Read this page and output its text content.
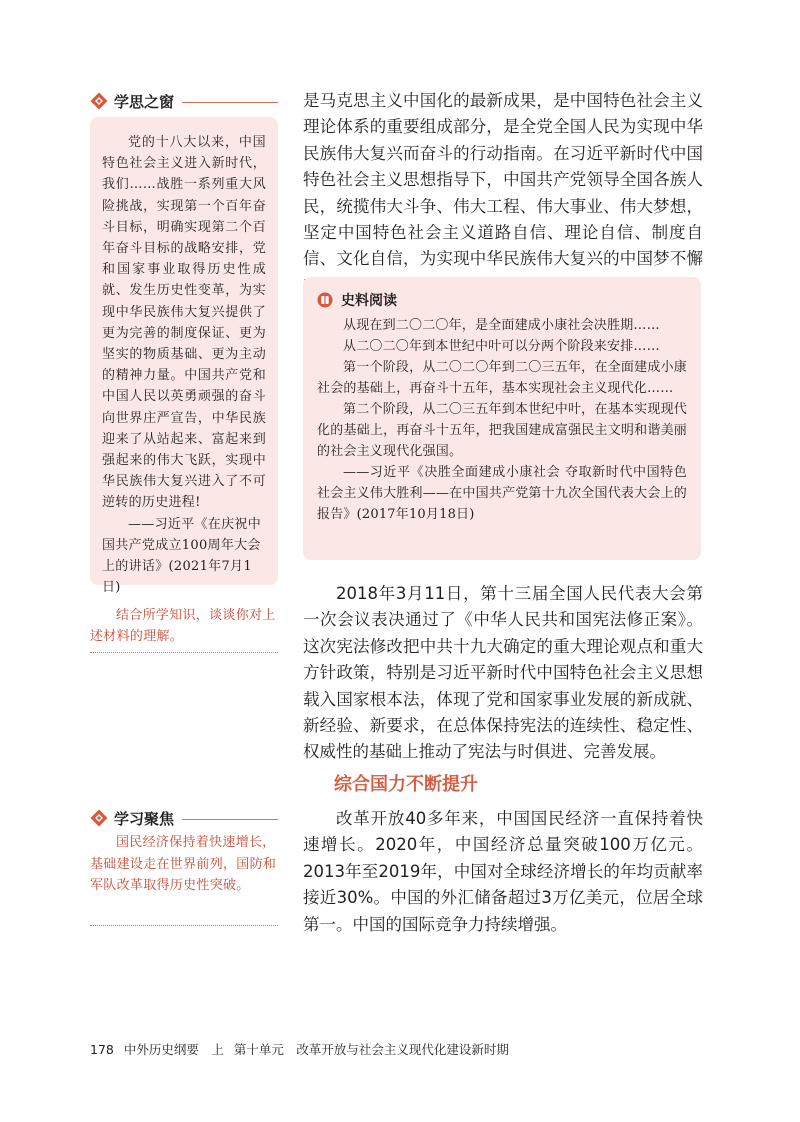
学思之窗

党的十八大以来，中国特色社会主义进入新时代，我们……战胜一系列重大风险挑战，实现第一个百年奋斗目标，明确实现第二个百年奋斗目标的战略安排，党和国家事业取得历史性成就、发生历史性变革，为实现中华民族伟大复兴提供了更为完善的制度保证、更为坚实的物质基础、更为主动的精神力量。中国共产党和中国人民以英勇顽强的奋斗向世界庄严宣告，中华民族迎来了从站起来、富起来到强起来的伟大飞跃，实现中华民族伟大复兴进入了不可逆转的历史进程!

——习近平《在庆祝中国共产党成立100周年大会上的讲话》(2021年7月1日)

结合所学知识，谈谈你对上述材料的理解。

学习聚焦

国民经济保持着快速增长，基础建设走在世界前列，国防和军队改革取得历史性突破。

是马克思主义中国化的最新成果，是中国特色社会主义理论体系的重要组成部分，是全党全国人民为实现中华民族伟大复兴而奋斗的行动指南。在习近平新时代中国特色社会主义思想指导下，中国共产党领导全国各族人民，统揽伟大斗争、伟大工程、伟大事业、伟大梦想，坚定中国特色社会主义道路自信、理论自信、制度自信、文化自信，为实现中华民族伟大复兴的中国梦不懈

史料阅读

从现在到二〇二〇年，是全面建成小康社会决胜期……

从二〇二〇年到本世纪中叶可以分两个阶段来安排……

第一个阶段，从二〇二〇年到二〇三五年，在全面建成小康社会的基础上，再奋斗十五年，基本实现社会主义现代化……

第二个阶段，从二〇三五年到本世纪中叶，在基本实现现代化的基础上，再奋斗十五年，把我国建成富强民主文明和谐美丽的社会主义现代化强国。

——习近平《决胜全面建成小康社会 夺取新时代中国特色社会主义伟大胜利——在中国共产党第十九次全国代表大会上的报告》(2017年10月18日)

2018年3月11日，第十三届全国人民代表大会第一次会议表决通过了《中华人民共和国宪法修正案》。这次宪法修改把中共十九大确定的重大理论观点和重大方针政策，特别是习近平新时代中国特色社会主义思想载入国家根本法，体现了党和国家事业发展的新成就、新经验、新要求，在总体保持宪法的连续性、稳定性、权威性的基础上推动了宪法与时俱进、完善发展。

综合国力不断提升

改革开放40多年来，中国国民经济一直保持着快速增长。2020年，中国经济总量突破100万亿元。2013年至2019年，中国对全球经济增长的年均贡献率接近30%。中国的外汇储备超过3万亿美元，位居全球第一。中国的国际竞争力持续增强。

178 中外历史纲要　上 第十单元　改革开放与社会主义现代化建设新时期
